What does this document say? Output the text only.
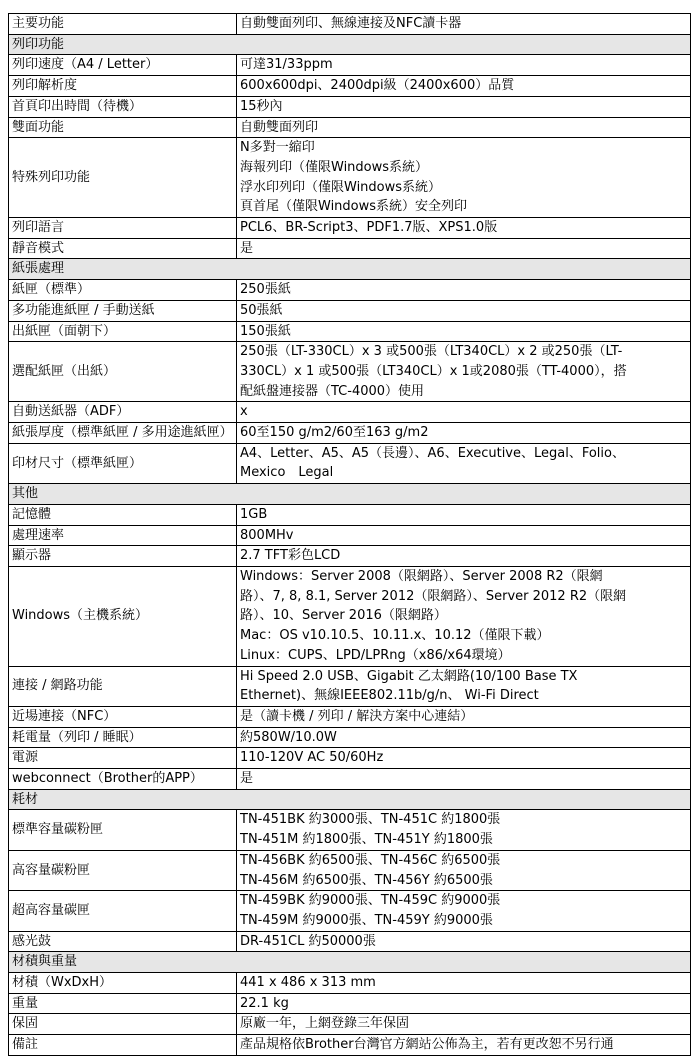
主要功能	自動雙面列印、無線連接及NFC讀卡器

列印功能	
列印速度（A4 / Letter）	可達31/33ppm

列印解析度	600x600dpi、2400dpi級（2400x600）品質

首頁印出時間（待機）	15秒內

雙面功能	自動雙面列印

特殊列印功能	N多對一縮印
海報列印（僅限Windows系統）
浮水印列印（僅限Windows系統）
頁首尾（僅限Windows系統）安全列印

列印語言	PCL6、BR-Script3、PDF1.7版、XPS1.0版

靜音模式	是

紙張處理	
紙匣（標準）	250張紙

多功能進紙匣 / 手動送紙	50張紙

出紙匣（面朝下）	150張紙

選配紙匣（出紙）	250張（LT-330CL）x 3 或500張（LT340CL）x 2 或250張（LT-
330CL）x 1 或500張（LT340CL）x 1或2080張（TT-4000），搭
配紙盤連接器（TC-4000）使用

自動送紙器（ADF）	x

紙張厚度（標準紙匣 / 多用途進紙匣）	60至150 g/m2/60至163 g/m2

印材尺寸（標準紙匣）	A4、Letter、A5、A5（長邊）、A6、Executive、Legal、Folio、
Mexico　Legal

其他	
記憶體	1GB

處理速率	800MHv

顯示器	2.7 TFT彩色LCD

Windows（主機系統）	Windows：Server 2008（限網路）、Server 2008 R2（限網
路）、7, 8, 8.1, Server 2012（限網路）、Server 2012 R2（限網
路）、10、Server 2016（限網路）
Mac：OS v10.10.5、10.11.x、10.12（僅限下載）
Linux：CUPS、LPD/LPRng（x86/x64環境）

連接 / 網路功能	Hi Speed 2.0 USB、Gigabit 乙太網路(10/100 Base TX
Ethernet)、無線IEEE802.11b/g/n、 Wi-Fi Direct

近場連接（NFC）	是（讀卡機 / 列印 / 解決方案中心連結）

耗電量（列印 / 睡眠）	約580W/10.0W

電源	110-120V AC 50/60Hz

webconnect（Brother的APP）	是

耗材	
標準容量碳粉匣	TN-451BK 約3000張、TN-451C 約1800張
TN-451M 約1800張、TN-451Y 約1800張

高容量碳粉匣	TN-456BK 約6500張、TN-456C 約6500張
TN-456M 約6500張、TN-456Y 約6500張

超高容量碳匣	TN-459BK 約9000張、TN-459C 約9000張
TN-459M 約9000張、TN-459Y 約9000張

感光鼓	DR-451CL 約50000張

材積與重量	
材積（WxDxH）	441 x 486 x 313 mm

重量	22.1 kg

保固	原廠一年，上網登錄三年保固

備註	產品規格依Brother台灣官方網站公佈為主，若有更改恕不另行通
